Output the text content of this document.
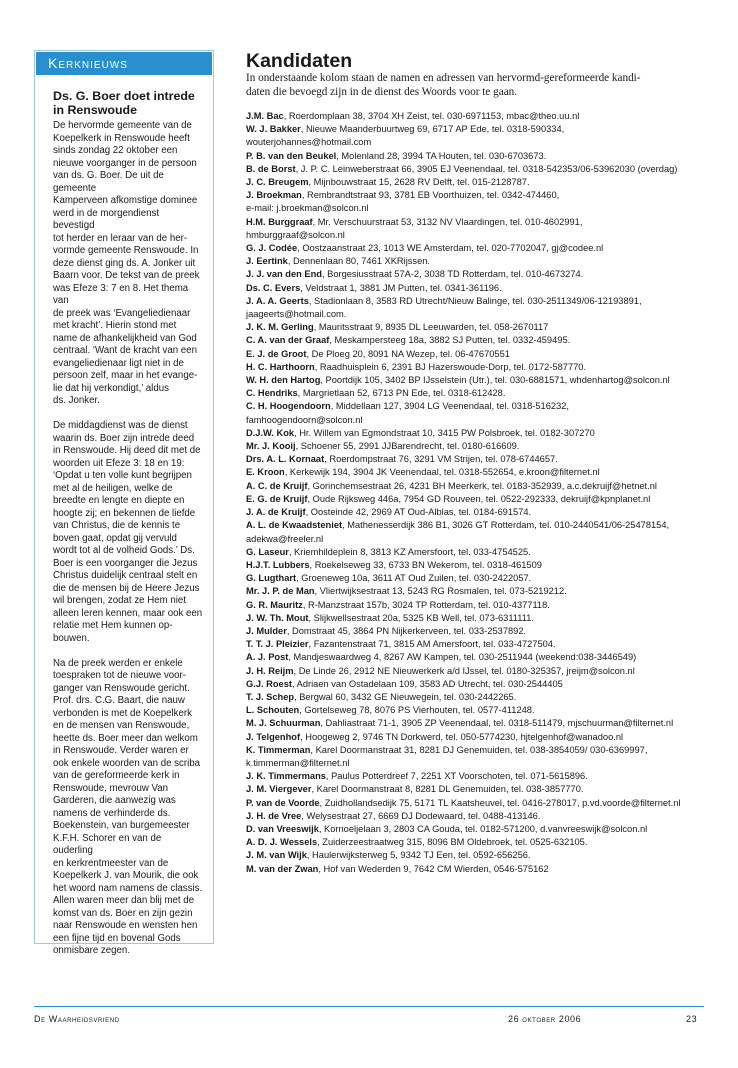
Kerknieuws
Ds. G. Boer doet intrede
in Renswoude

De hervormde gemeente van de
Koepelkerk in Renswoude heeft
sinds zondag 22 oktober een
nieuwe voorganger in de persoon
van ds. G. Boer. De uit de gemeente
Kamperveen afkomstige dominee
werd in de morgendienst bevestigd
tot herder en leraar van de her-
vormde gemeente Renswoude. In
deze dienst ging ds. A. Jonker uit
Baarn voor. De tekst van de preek
was Efeze 3: 7 en 8. Het thema van
de preek was ‘Evangeliedienaar
met kracht’. Hierin stond met
name de afhankelijkheid van God
centraal. ‘Want de kracht van een
evangeliedienaar ligt niet in de
persoon zelf, maar in het evange-
lie dat hij verkondigt,’ aldus
ds. Jonker.

De middagdienst was de dienst
waarin ds. Boer zijn intrede deed
in Renswoude. Hij deed dit met de
woorden uit Efeze 3: 18 en 19:
‘Opdat u ten volle kunt begrijpen
met al de heiligen, welke de
breedte en lengte en diepte en
hoogte zij; en bekennen de liefde
van Christus, die de kennis te
boven gaat, opdat gij vervuld
wordt tot al de volheid Gods.’ Ds.
Boer is een voorganger die Jezus
Christus duidelijk centraal stelt en
die de mensen bij de Heere Jezus
wil brengen, zodat ze Hem niet
alleen leren kennen, maar ook een
relatie met Hem kunnen op-
bouwen.

Na de preek werden er enkele
toespraken tot de nieuwe voor-
ganger van Renswoude gericht.
Prof. drs. C.G. Baart, die nauw
verbonden is met de Koepelkerk
en de mensen van Renswoude,
heette ds. Boer meer dan welkom
in Renswoude. Verder waren er
ook enkele woorden van de scriba
van de gereformeerde kerk in
Renswoude, mevrouw Van
Garderen, die aanwezig was
namens de verhinderde ds.
Boekenstein, van burgemeester
K.F.H. Schorer en van de ouderling
en kerkrentmeester van de
Koepelkerk J. van Mourik, die ook
het woord nam namens de classis.
Allen waren meer dan blij met de
komst van ds. Boer en zijn gezin
naar Renswoude en wensten hen
een fijne tijd en bovenal Gods
onmisbare zegen.

Kandidaten

In onderstaande kolom staan de namen en adressen van hervormd-gereformeerde kandi-
daten die bevoegd zijn in de dienst des Woords voor te gaan.

J.M. Bac, Roerdomplaan 38, 3704 XH Zeist, tel. 030-6971153, mbac@theo.uu.nl
W. J. Bakker, Nieuwe Maanderbuurtweg 69, 6717 AP Ede, tel. 0318-590334,
wouterjohannes@hotmail.com
P. B. van den Beukel, Molenland 28, 3994 TA Houten, tel. 030-6703673.
B. de Borst, J. P. C. Leinweberstraat 66, 3905 EJ Veenendaal, tel. 0318-542353/06-53962030 (overdag)
J. C. Breugem, Mijnbouwstraat 15, 2628 RV Delft, tel. 015-2128787.
J. Broekman, Rembrandtstraat 93, 3781 EB Voorthuizen, tel. 0342-474460,
e-mail: j.broekman@solcon.nl
H.M. Burggraaf, Mr. Verschuurstraat 53, 3132 NV Vlaardingen, tel. 010-4602991,
hmburggraaf@solcon.nl
G. J. Codée, Oostzaanstraat 23, 1013 WE Amsterdam, tel. 020-7702047, gj@codee.nl
J. Eertink, Dennenlaan 80, 7461 XKRijssen.
J. J. van den End, Borgesiusstraat 57A-2, 3038 TD Rotterdam, tel. 010-4673274.
Ds. C. Evers, Veldstraat 1, 3881 JM Putten, tel. 0341-361196.
J. A. A. Geerts, Stadionlaan 8, 3583 RD Utrecht/Nieuw Balinge, tel. 030-2511349/06-12193891,
jaageerts@hotmail.com.
J. K. M. Gerling, Mauritsstraat 9, 8935 DL Leeuwarden, tel. 058-2670117
C. A. van der Graaf, Meskampersteeg 18a, 3882 SJ Putten, tel. 0332-459495.
E. J. de Groot, De Ploeg 20, 8091 NA Wezep, tel. 06-47670551
H. C. Harthoorn, Raadhuisplein 6, 2391 BJ Hazerswoude-Dorp, tel. 0172-587770.
W. H. den Hartog, Poortdijk 105, 3402 BP IJsselstein (Utr.), tel. 030-6881571, whdenhartog@solcon.nl
C. Hendriks, Margrietlaan 52, 6713 PN Ede, tel. 0318-612428.
C. H. Hoogendoorn, Middellaan 127, 3904 LG Veenendaal, tel. 0318-516232,
famhoogendoorn@solcon.nl
D.J.W. Kok, Hr. Willem van Egmondstraat 10, 3415 PW Polsbroek, tel. 0182-307270
Mr. J. Kooij, Schoener 55, 2991 JJBarendrecht, tel. 0180-616609.
Drs. A. L. Kornaat, Roerdompstraat 76, 3291 VM Strijen, tel. 078-6744657.
E. Kroon, Kerkewijk 194, 3904 JK Veenendaal, tel. 0318-552654, e.kroon@filternet.nl
A. C. de Kruijf, Gorinchemsestraat 26, 4231 BH Meerkerk, tel. 0183-352939, a.c.dekruijf@hetnet.nl
E. G. de Kruijf, Oude Rijksweg 446a, 7954 GD Rouveen, tel. 0522-292333, dekruijf@kpnplanet.nl
J. A. de Kruijf, Oosteinde 42, 2969 AT Oud-Alblas, tel. 0184-691574.
A. L. de Kwaadsteniet, Mathenesserdijk 386 B1, 3026 GT Rotterdam, tel. 010-2440541/06-25478154,
adekwa@freeler.nl
G. Laseur, Kriemhildeplein 8, 3813 KZ Amersfoort, tel. 033-4754525.
H.J.T. Lubbers, Roekelseweg 33, 6733 BN Wekerom, tel. 0318-461509
G. Lugthart, Groeneweg 10a, 3611 AT Oud Zuilen, tel. 030-2422057.
Mr. J. P. de Man, Vliertwijksestraat 13, 5243 RG Rosmalen, tel. 073-5219212.
G. R. Mauritz, R-Manzstraat 157b, 3024 TP Rotterdam, tel. 010-4377118.
J. W. Th. Mout, Slijkwellsestraat 20a, 5325 KB Well, tel. 073-6311111.
J. Mulder, Domstraat 45, 3864 PN Nijkerkerveen, tel. 033-2537892.
T. T. J. Pleizier, Fazantenstraat 71, 3815 AM Amersfoort, tel. 033-4727504.
A. J. Post, Mandjeswaardweg 4, 8267 AW Kampen, tel. 030-2511944 (weekend:038-3446549)
J. H. Reijm, De Linde 26, 2912 NE Nieuwerkerk a/d IJssel, tel. 0180-325357, jreijm@solcon.nl
G.J. Roest, Adriaen van Ostadelaan 109, 3583 AD Utrecht, tel. 030-2544405
T. J. Schep, Bergwal 60, 3432 GE Nieuwegein, tel. 030-2442265.
L. Schouten, Gortelseweg 78, 8076 PS Vierhouten, tel. 0577-411248.
M. J. Schuurman, Dahliastraat 71-1, 3905 ZP Veenendaal, tel. 0318-511479, mjschuurman@filternet.nl
J. Telgenhof, Hoogeweg 2, 9746 TN Dorkwerd, tel. 050-5774230, hjtelgenhof@wanadoo.nl
K. Timmerman, Karel Doormanstraat 31, 8281 DJ Genemuiden, tel. 038-3854059/ 030-6369997,
k.timmerman@filternet.nl
J. K. Timmermans, Paulus Potterdreef 7, 2251 XT Voorschoten, tel. 071-5615896.
J. M. Viergever, Karel Doormanstraat 8, 8281 DL Genemuiden, tel. 038-3857770.
P. van de Voorde, Zuidhollandsedijk 75, 5171 TL Kaatsheuvel, tel. 0416-278017, p.vd.voorde@filternet.nl
J. H. de Vree, Welysestraat 27, 6669 DJ Dodewaard, tel. 0488-413146.
D. van Vreeswijk, Kornoeljelaan 3, 2803 CA Gouda, tel. 0182-571200, d.vanvreeswijk@solcon.nl
A. D. J. Wessels, Zuiderzeestraatweg 315, 8096 BM Oldebroek, tel. 0525-632105.
J. M. van Wijk, Haulerwijksterweg 5, 9342 TJ Een, tel. 0592-656256.
M. van der Zwan, Hof van Wederden 9, 7642 CM Wierden, 0546-575162
De Waarheidsvriend	26 oktober 2006	23
